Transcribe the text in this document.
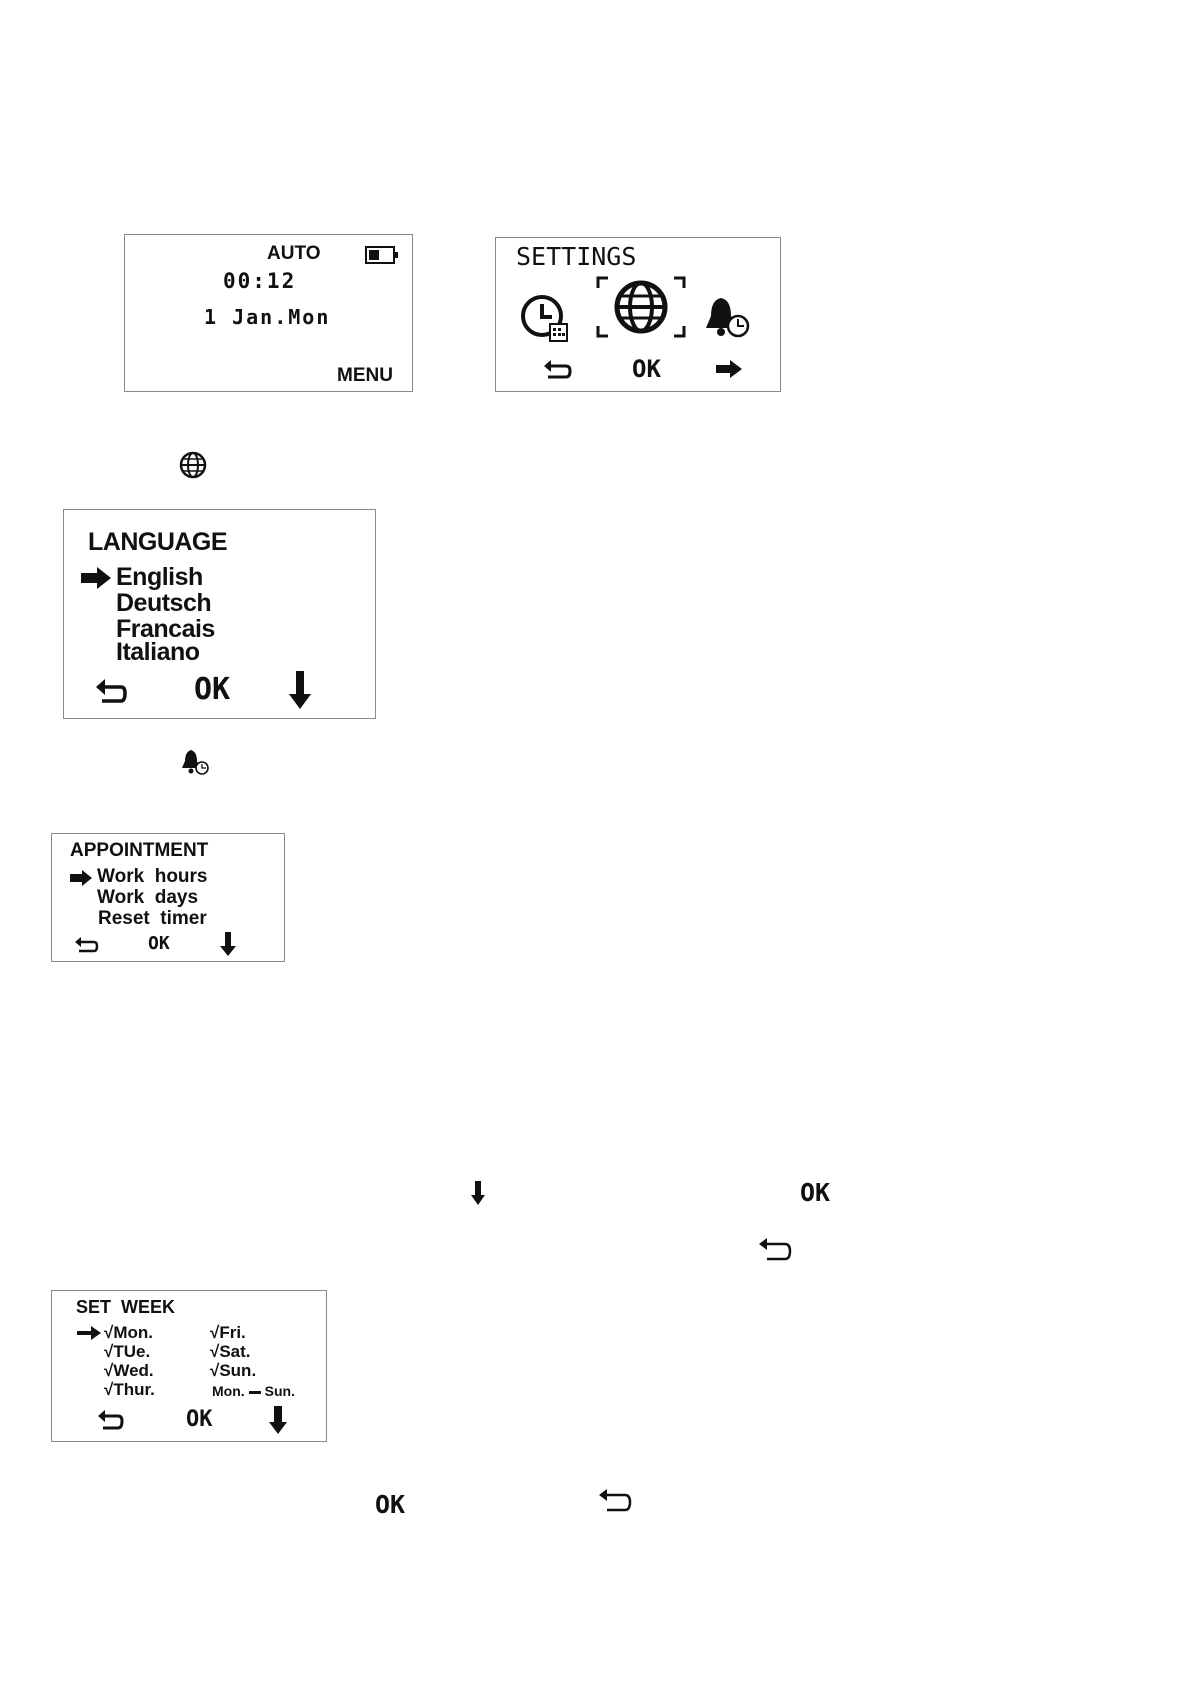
AUTO
00:12
1 Jan.Mon
MENU
SETTINGS
OK
LANGUAGE
English
Deutsch
Francais
Italiano
OK
APPOINTMENT
Work  hours
Work  days
Reset  timer
OK
OK
SET  WEEK
√Mon.
√TUe.
√Wed.
√Thur.
√Fri.
√Sat.
√Sun.
Mon. Sun.
OK
OK
